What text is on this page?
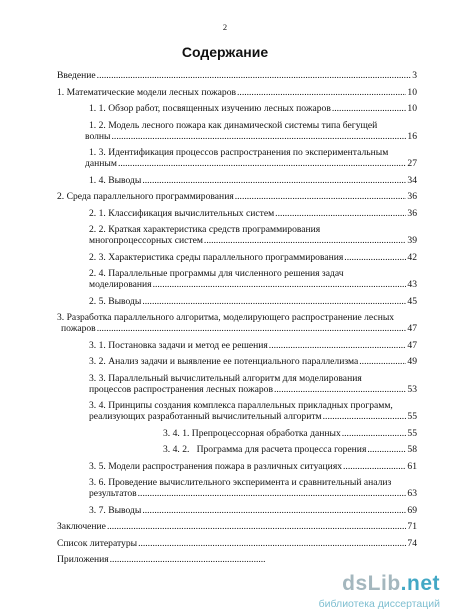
2
Содержание
Введение .....	3
1. Математические модели лесных пожаров .....	10
1. 1. Обзор работ, посвященных изучению лесных пожаров .....	10
1. 2. Модель лесного пожара как динамической системы типа бегущей
волны .....	16
1. 3. Идентификация процессов распространения по экспериментальным
данным .....	27
1. 4. Выводы .....	34
2. Среда параллельного программирования .....	36
2. 1. Классификация вычислительных систем .....	36
2. 2. Краткая характеристика средств программирования
многопроцессорных систем .....	39
2. 3. Характеристика среды параллельного программирования .....	42
2. 4. Параллельные программы для численного решения задач
моделирования .....	43
2. 5. Выводы .....	45
3. Разработка параллельного алгоритма, моделирующего распространение лесных
пожаров .....	47
3. 1. Постановка задачи и метод ее решения .....	47
3. 2. Анализ задачи и выявление ее потенциального параллелизма .....	49
3. 3. Параллельный вычислительный алгоритм для моделирования
процессов распространения лесных пожаров .....	53
3. 4. Принципы создания комплекса параллельных прикладных программ,
реализующих разработанный вычислительный алгоритм .....	55
3. 4. 1. Препроцессорная обработка данных .....	55
3. 4. 2.   Программа для расчета процесса горения .....	58
3. 5. Модели распространения пожара в различных ситуациях .....	61
3. 6. Проведение вычислительного эксперимента и сравнительный анализ
результатов .....	63
3. 7. Выводы .....	69
Заключение .....	71
Список литературы .....	74
Приложения
.....
dsLib.net
библиотека диссертаций
